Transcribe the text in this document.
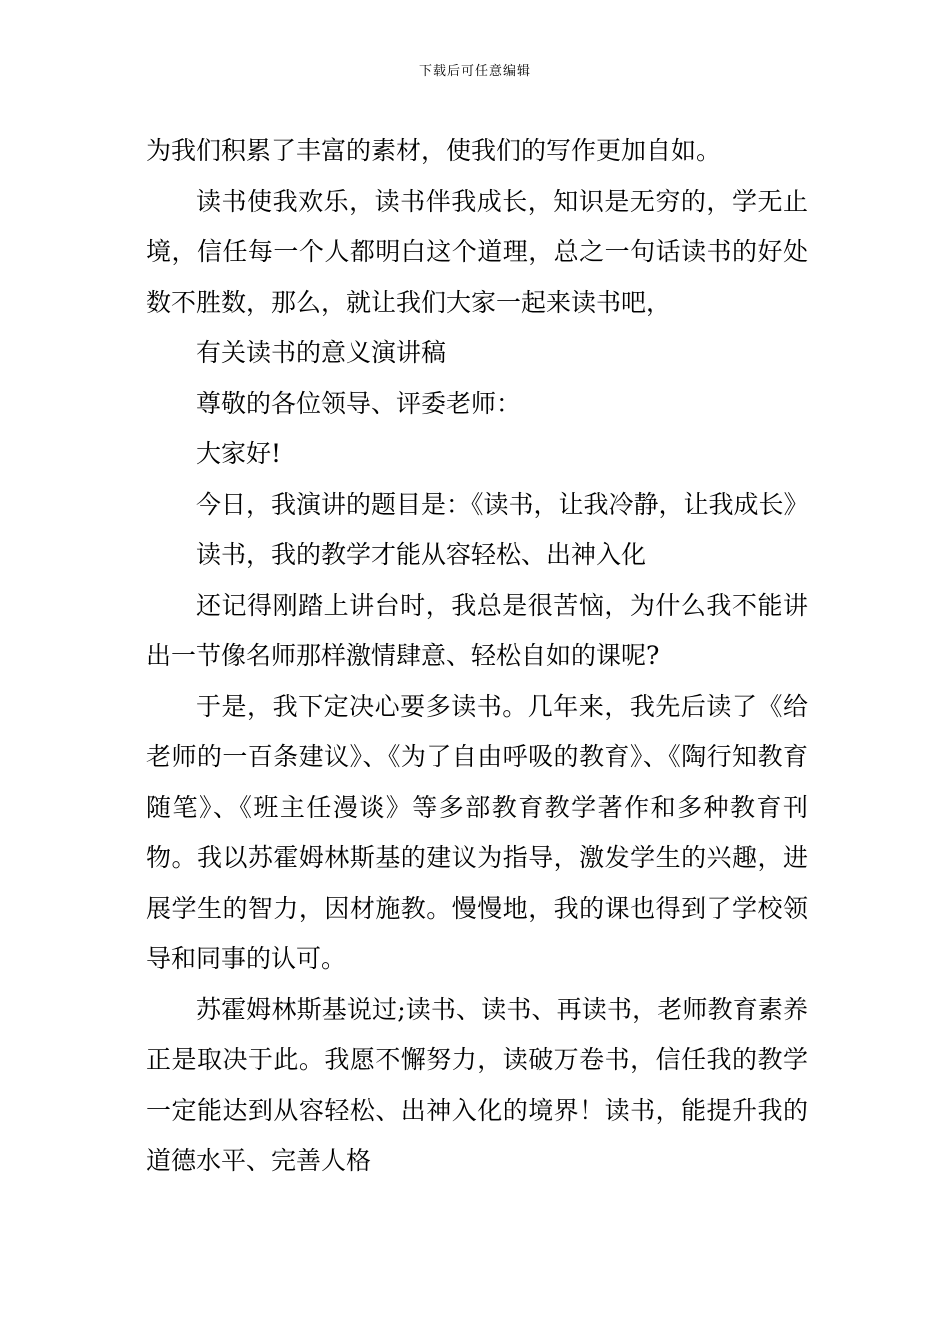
下载后可任意编辑

为我们积累了丰富的素材，使我们的写作更加自如。

读书使我欢乐，读书伴我成长，知识是无穷的，学无止境，信任每一个人都明白这个道理，总之一句话读书的好处数不胜数，那么，就让我们大家一起来读书吧，

有关读书的意义演讲稿

尊敬的各位领导、评委老师：

大家好!

今日，我演讲的题目是：《读书，让我冷静，让我成长》

读书，我的教学才能从容轻松、出神入化

还记得刚踏上讲台时，我总是很苦恼，为什么我不能讲出一节像名师那样激情肆意、轻松自如的课呢?

于是，我下定决心要多读书。几年来，我先后读了《给老师的一百条建议》、《为了自由呼吸的教育》、《陶行知教育随笔》、《班主任漫谈》等多部教育教学著作和多种教育刊物。我以苏霍姆林斯基的建议为指导，激发学生的兴趣，进展学生的智力，因材施教。慢慢地，我的课也得到了学校领导和同事的认可。

苏霍姆林斯基说过;读书、读书、再读书，老师教育素养正是取决于此。我愿不懈努力，读破万卷书，信任我的教学一定能达到从容轻松、出神入化的境界！读书，能提升我的道德水平、完善人格
